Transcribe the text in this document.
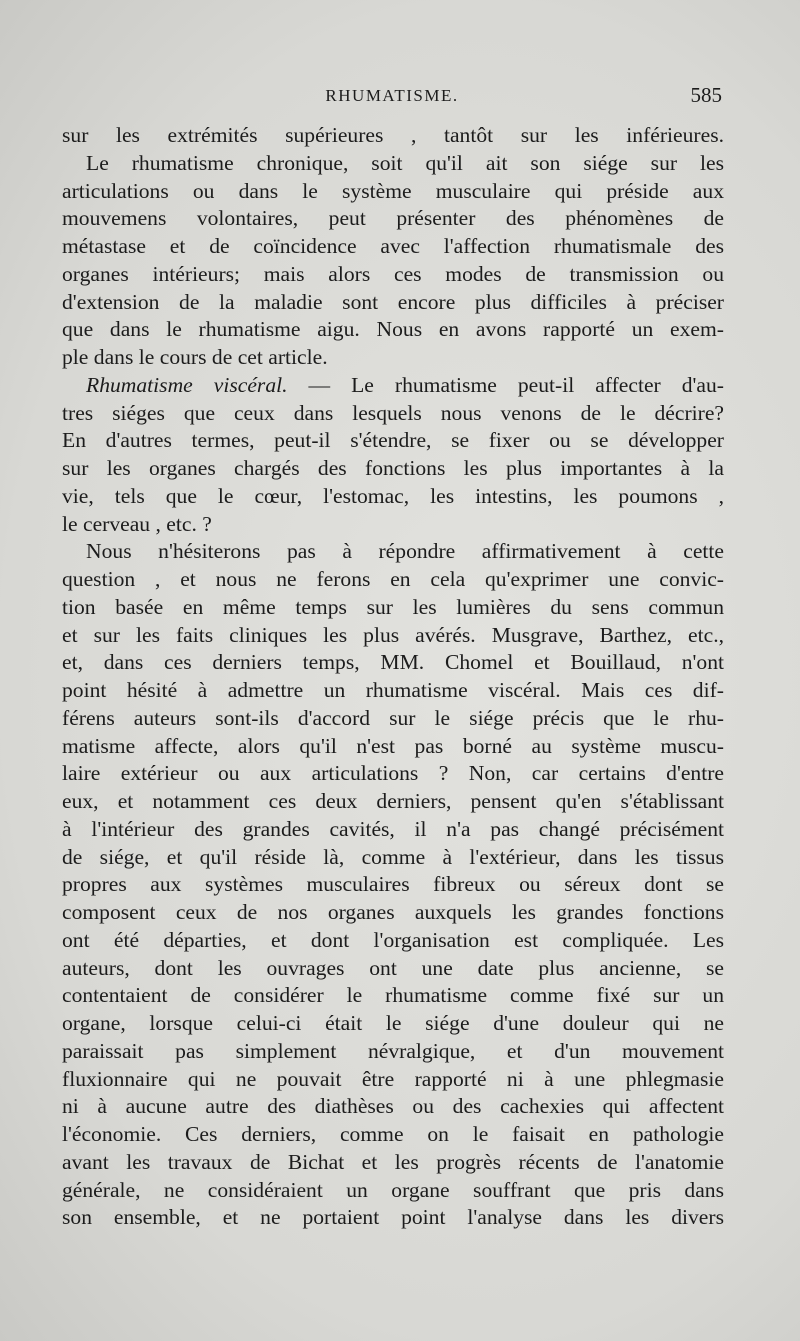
RHUMATISME.	585
sur les extrémités supérieures , tantôt sur les inférieures.
Le rhumatisme chronique, soit qu'il ait son siége sur les
articulations ou dans le système musculaire qui préside aux
mouvemens volontaires, peut présenter des phénomènes de
métastase et de coïncidence avec l'affection rhumatismale des
organes intérieurs; mais alors ces modes de transmission ou
d'extension de la maladie sont encore plus difficiles à préciser
que dans le rhumatisme aigu. Nous en avons rapporté un exem-
ple dans le cours de cet article.
Rhumatisme viscéral. — Le rhumatisme peut-il affecter d'au-
tres siéges que ceux dans lesquels nous venons de le décrire?
En d'autres termes, peut-il s'étendre, se fixer ou se développer
sur les organes chargés des fonctions les plus importantes à la
vie, tels que le cœur, l'estomac, les intestins, les poumons ,
le cerveau , etc. ?
Nous n'hésiterons pas à répondre affirmativement à cette
question , et nous ne ferons en cela qu'exprimer une convic-
tion basée en même temps sur les lumières du sens commun
et sur les faits cliniques les plus avérés. Musgrave, Barthez, etc.,
et, dans ces derniers temps, MM. Chomel et Bouillaud, n'ont
point hésité à admettre un rhumatisme viscéral. Mais ces dif-
férens auteurs sont-ils d'accord sur le siége précis que le rhu-
matisme affecte, alors qu'il n'est pas borné au système muscu-
laire extérieur ou aux articulations ? Non, car certains d'entre
eux, et notamment ces deux derniers, pensent qu'en s'établissant
à l'intérieur des grandes cavités, il n'a pas changé précisément
de siége, et qu'il réside là, comme à l'extérieur, dans les tissus
propres aux systèmes musculaires fibreux ou séreux dont se
composent ceux de nos organes auxquels les grandes fonctions
ont été départies, et dont l'organisation est compliquée. Les
auteurs, dont les ouvrages ont une date plus ancienne, se
contentaient de considérer le rhumatisme comme fixé sur un
organe, lorsque celui-ci était le siége d'une douleur qui ne
paraissait pas simplement névralgique, et d'un mouvement
fluxionnaire qui ne pouvait être rapporté ni à une phlegmasie
ni à aucune autre des diathèses ou des cachexies qui affectent
l'économie. Ces derniers, comme on le faisait en pathologie
avant les travaux de Bichat et les progrès récents de l'anatomie
générale, ne considéraient un organe souffrant que pris dans
son ensemble, et ne portaient point l'analyse dans les divers
